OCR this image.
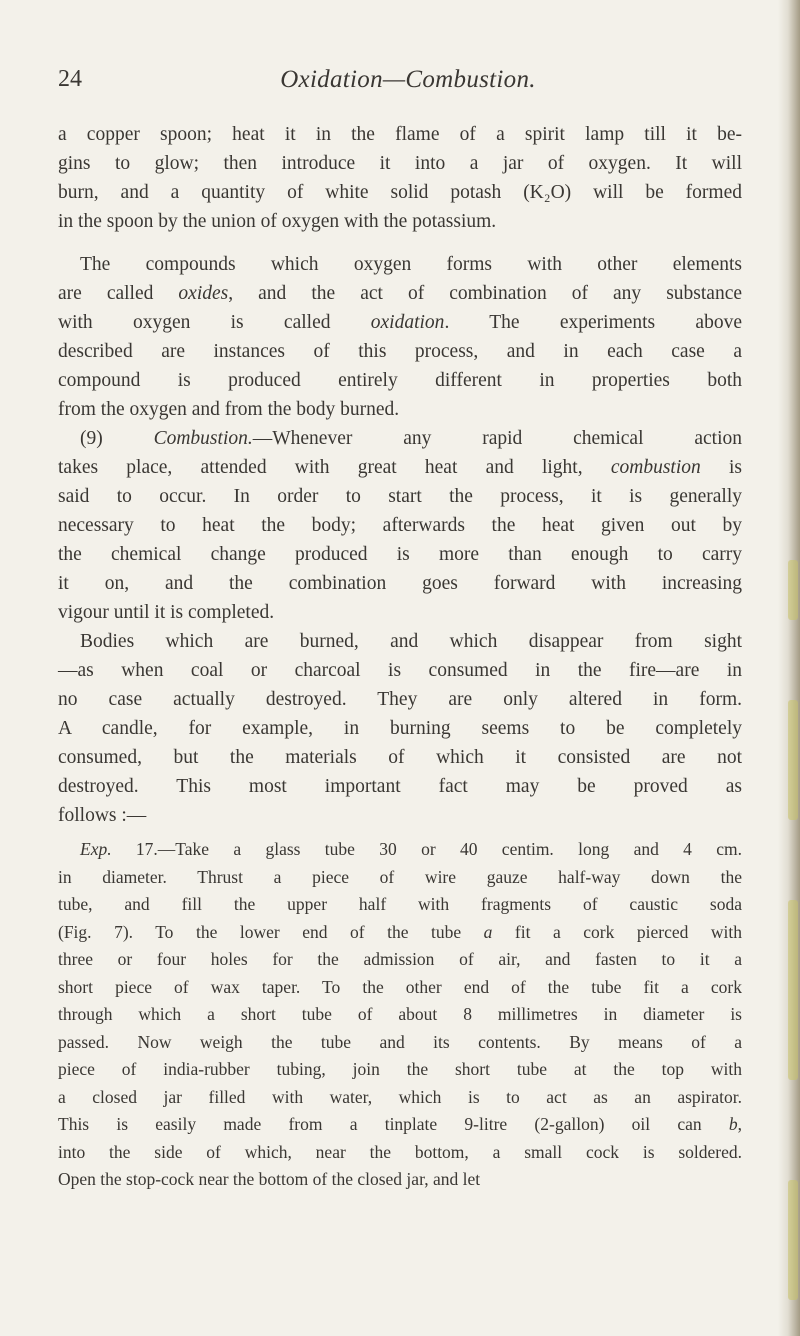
24	Oxidation—Combustion.
a copper spoon; heat it in the flame of a spirit lamp till it be-
gins to glow; then introduce it into a jar of oxygen. It will
burn, and a quantity of white solid potash (K₂O) will be formed
in the spoon by the union of oxygen with the potassium.
The compounds which oxygen forms with other elements
are called oxides, and the act of combination of any substance
with oxygen is called oxidation. The experiments above
described are instances of this process, and in each case a
compound is produced entirely different in properties both
from the oxygen and from the body burned.
(9) Combustion.—Whenever any rapid chemical action
takes place, attended with great heat and light, combustion is
said to occur. In order to start the process, it is generally
necessary to heat the body; afterwards the heat given out by
the chemical change produced is more than enough to carry
it on, and the combination goes forward with increasing
vigour until it is completed.
Bodies which are burned, and which disappear from sight
—as when coal or charcoal is consumed in the fire—are in
no case actually destroyed. They are only altered in form.
A candle, for example, in burning seems to be completely
consumed, but the materials of which it consisted are not
destroyed. This most important fact may be proved as
follows :—
Exp. 17.—Take a glass tube 30 or 40 centim. long and 4 cm.
in diameter. Thrust a piece of wire gauze half-way down the
tube, and fill the upper half with fragments of caustic soda
(Fig. 7). To the lower end of the tube a fit a cork pierced with
three or four holes for the admission of air, and fasten to it a
short piece of wax taper. To the other end of the tube fit a cork
through which a short tube of about 8 millimetres in diameter is
passed. Now weigh the tube and its contents. By means of a
piece of india-rubber tubing, join the short tube at the top with
a closed jar filled with water, which is to act as an aspirator.
This is easily made from a tinplate 9-litre (2-gallon) oil can b,
into the side of which, near the bottom, a small cock is soldered.
Open the stop-cock near the bottom of the closed jar, and let
